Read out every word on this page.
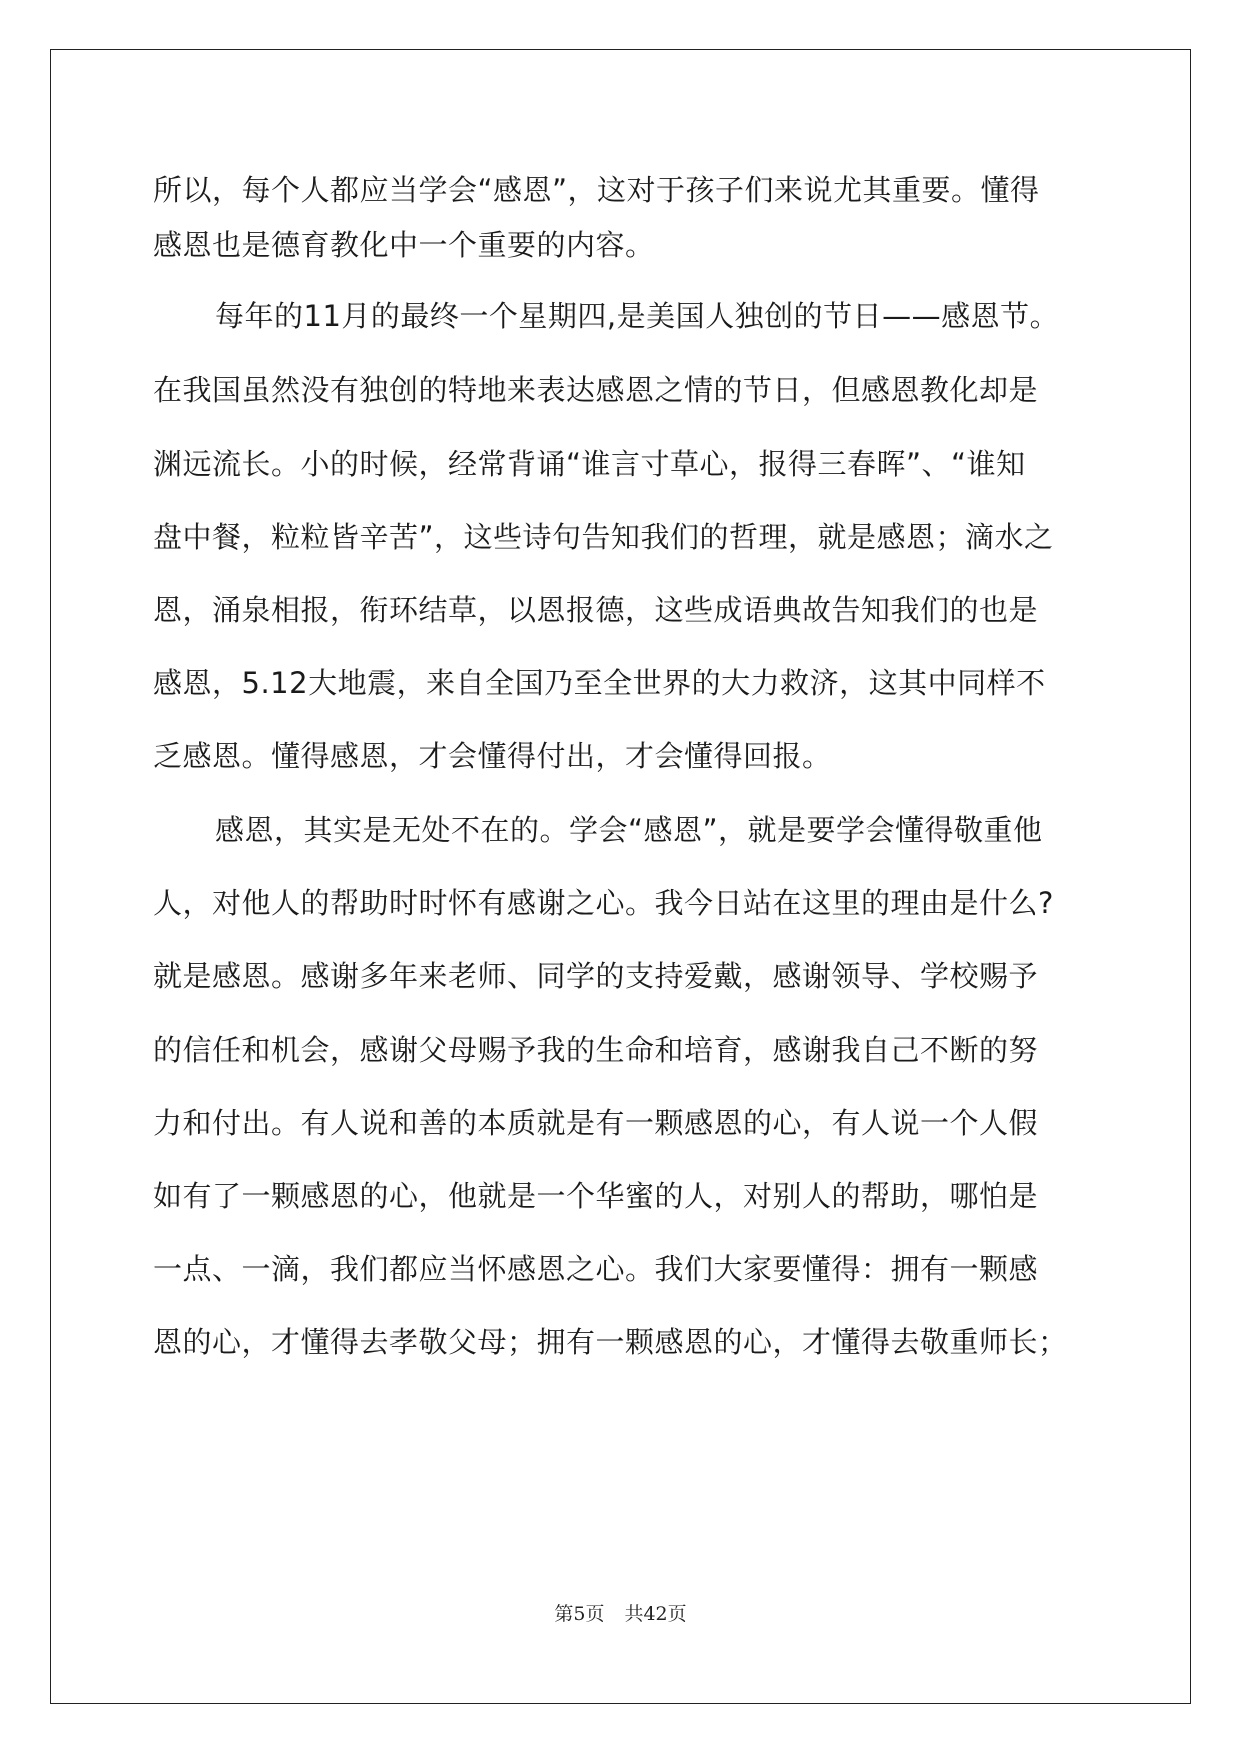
所以，每个人都应当学会“感恩”，这对于孩子们来说尤其重要。懂得
感恩也是德育教化中一个重要的内容。
每年的11月的最终一个星期四,是美国人独创的节日——感恩节。
在我国虽然没有独创的特地来表达感恩之情的节日，但感恩教化却是
渊远流长。小的时候，经常背诵“谁言寸草心，报得三春晖”、“谁知
盘中餐，粒粒皆辛苦”，这些诗句告知我们的哲理，就是感恩；滴水之
恩，涌泉相报，衔环结草，以恩报德，这些成语典故告知我们的也是
感恩，5.12大地震，来自全国乃至全世界的大力救济，这其中同样不
乏感恩。懂得感恩，才会懂得付出，才会懂得回报。
感恩，其实是无处不在的。学会“感恩”，就是要学会懂得敬重他
人，对他人的帮助时时怀有感谢之心。我今日站在这里的理由是什么?
就是感恩。感谢多年来老师、同学的支持爱戴，感谢领导、学校赐予
的信任和机会，感谢父母赐予我的生命和培育，感谢我自己不断的努
力和付出。有人说和善的本质就是有一颗感恩的心，有人说一个人假
如有了一颗感恩的心，他就是一个华蜜的人，对别人的帮助，哪怕是
一点、一滴，我们都应当怀感恩之心。我们大家要懂得：拥有一颗感
恩的心，才懂得去孝敬父母；拥有一颗感恩的心，才懂得去敬重师长；
第5页 共42页
